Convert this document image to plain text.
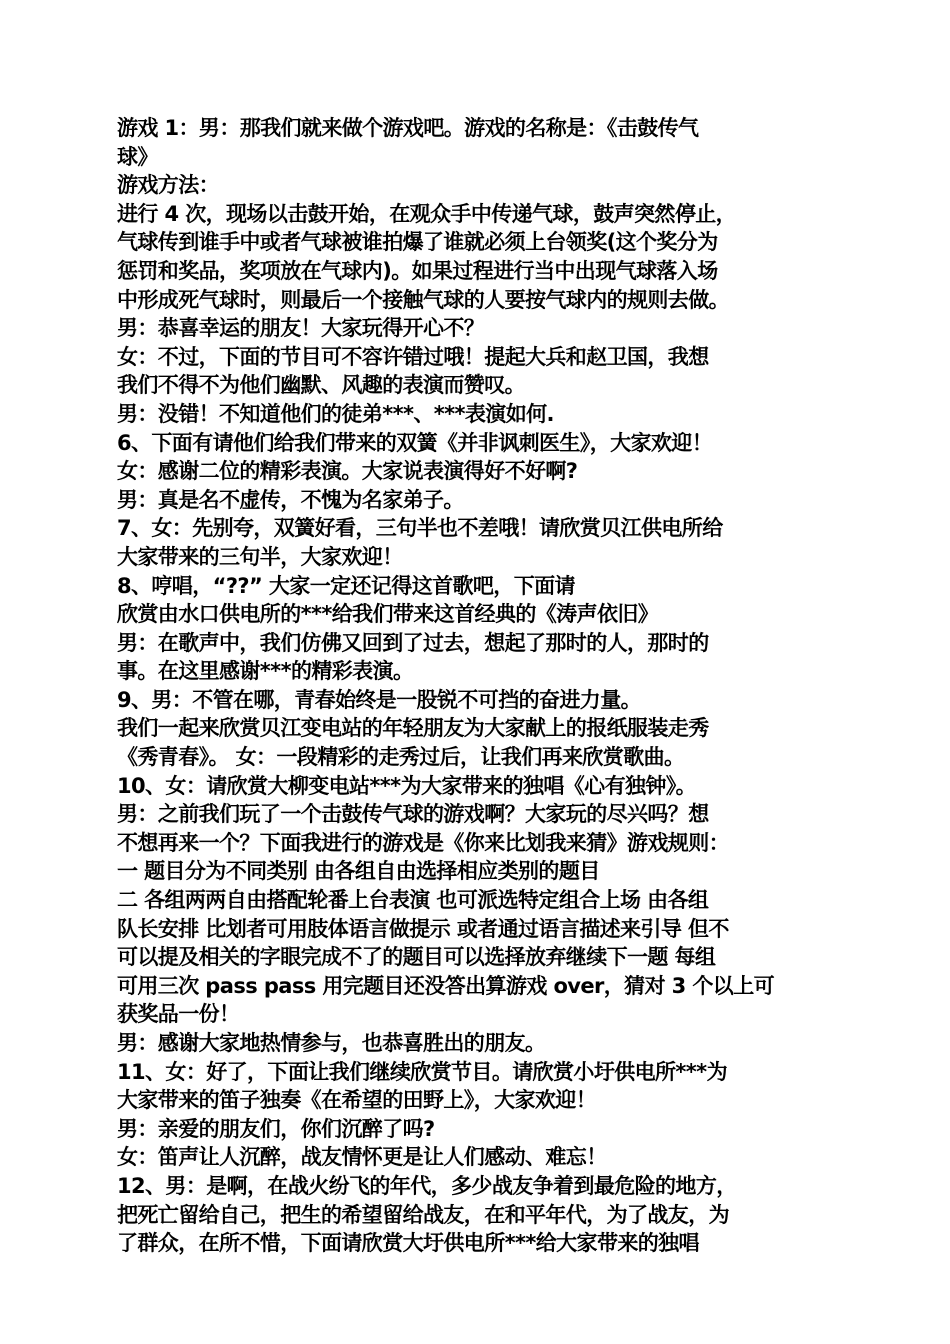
游戏 1：男：那我们就来做个游戏吧。游戏的名称是：《击鼓传气
球》
游戏方法：
进行 4 次，现场以击鼓开始，在观众手中传递气球，鼓声突然停止，
气球传到谁手中或者气球被谁拍爆了谁就必须上台领奖(这个奖分为
惩罚和奖品，奖项放在气球内)。如果过程进行当中出现气球落入场
中形成死气球时，则最后一个接触气球的人要按气球内的规则去做。
男：恭喜幸运的朋友！大家玩得开心不？
女：不过，下面的节目可不容许错过哦！提起大兵和赵卫国，我想
我们不得不为他们幽默、风趣的表演而赞叹。
男：没错！不知道他们的徒弟***、***表演如何.
6、下面有请他们给我们带来的双簧《并非讽刺医生》，大家欢迎！
女：感谢二位的精彩表演。大家说表演得好不好啊?
男：真是名不虚传，不愧为名家弟子。
7、女：先别夸，双簧好看，三句半也不差哦！请欣赏贝江供电所给
大家带来的三句半，大家欢迎！
8、哼唱，“??” 大家一定还记得这首歌吧，下面请
欣赏由水口供电所的***给我们带来这首经典的《涛声依旧》
男：在歌声中，我们仿佛又回到了过去，想起了那时的人，那时的
事。在这里感谢***的精彩表演。
9、男：不管在哪，青春始终是一股锐不可挡的奋进力量。
我们一起来欣赏贝江变电站的年轻朋友为大家献上的报纸服装走秀
《秀青春》。 女：一段精彩的走秀过后，让我们再来欣赏歌曲。
10、女：请欣赏大柳变电站***为大家带来的独唱《心有独钟》。
男：之前我们玩了一个击鼓传气球的游戏啊？大家玩的尽兴吗？想
不想再来一个？下面我进行的游戏是《你来比划我来猜》游戏规则：
一 题目分为不同类别 由各组自由选择相应类别的题目
二 各组两两自由搭配轮番上台表演 也可派选特定组合上场 由各组
队长安排 比划者可用肢体语言做提示 或者通过语言描述来引导 但不
可以提及相关的字眼完成不了的题目可以选择放弃继续下一题 每组
可用三次 pass pass 用完题目还没答出算游戏 over，猜对 3 个以上可
获奖品一份！
男：感谢大家地热情参与，也恭喜胜出的朋友。
11、女：好了，下面让我们继续欣赏节目。请欣赏小圩供电所***为
大家带来的笛子独奏《在希望的田野上》，大家欢迎！
男：亲爱的朋友们，你们沉醉了吗?
女：笛声让人沉醉，战友情怀更是让人们感动、难忘！
12、男：是啊，在战火纷飞的年代，多少战友争着到最危险的地方，
把死亡留给自己，把生的希望留给战友，在和平年代，为了战友，为
了群众，在所不惜，下面请欣赏大圩供电所***给大家带来的独唱
